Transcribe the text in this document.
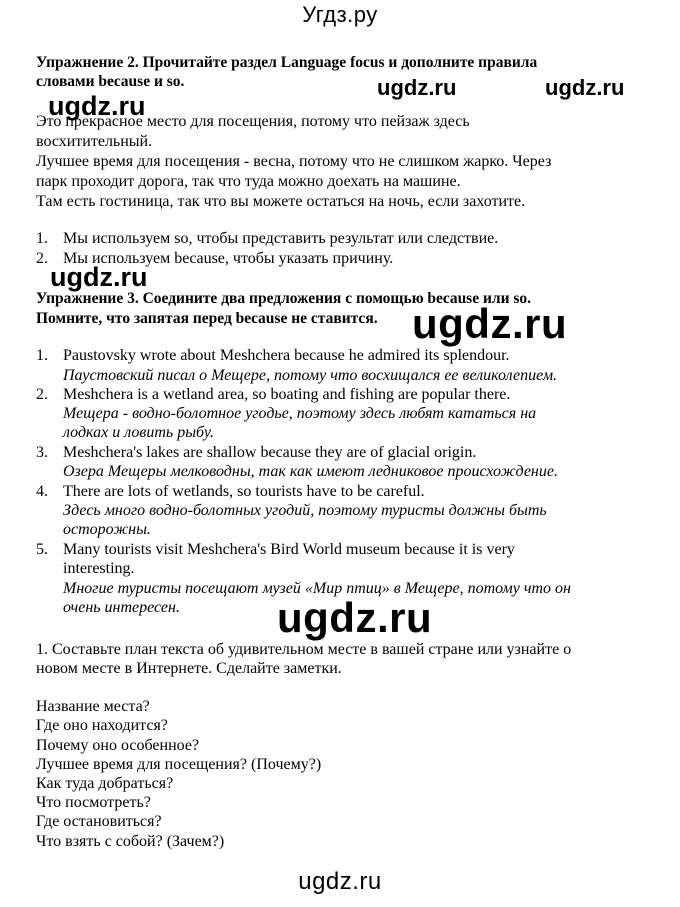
Угдз.ру
Упражнение 2. Прочитайте раздел Language focus и дополните правила
словами because и so.	ugdz.ru	ugdz.ru
ugdz.ru
Это прекрасное место для посещения, потому что пейзаж здесь
восхитительный.
Лучшее время для посещения - весна, потому что не слишком жарко. Через
парк проходит дорога, так что туда можно доехать на машине.
Там есть гостиница, так что вы можете остаться на ночь, если захотите.
1. Мы используем so, чтобы представить результат или следствие.
2. Мы используем because, чтобы указать причину.
ugdz.ru
Упражнение 3. Соедините два предложения с помощью because или so.
Помните, что запятая перед because не ставится. ugdz.ru
1. Paustovsky wrote about Meshchera because he admired its splendour.
Паустовский писал о Мещере, потому что восхищался ее великолепием.
2. Meshchera is a wetland area, so boating and fishing are popular there.
Мещера - водно-болотное угодье, поэтому здесь любят кататься на
лодках и ловить рыбу.
3. Meshchera's lakes are shallow because they are of glacial origin.
Озера Мещеры мелководны, так как имеют ледниковое происхождение.
4. There are lots of wetlands, so tourists have to be careful.
Здесь много водно-болотных угодий, поэтому туристы должны быть
осторожны.
5. Many tourists visit Meshchera's Bird World museum because it is very
interesting.
Многие туристы посещают музей «Мир птиц» в Мещере, потому что он
очень интересен. ugdz.ru
1. Составьте план текста об удивительном месте в вашей стране или узнайте о
новом месте в Интернете. Сделайте заметки.
Название места?
Где оно находится?
Почему оно особенное?
Лучшее время для посещения? (Почему?)
Как туда добраться?
Что посмотреть?
Где остановиться?
Что взять с собой? (Зачем?)
ugdz.ru
